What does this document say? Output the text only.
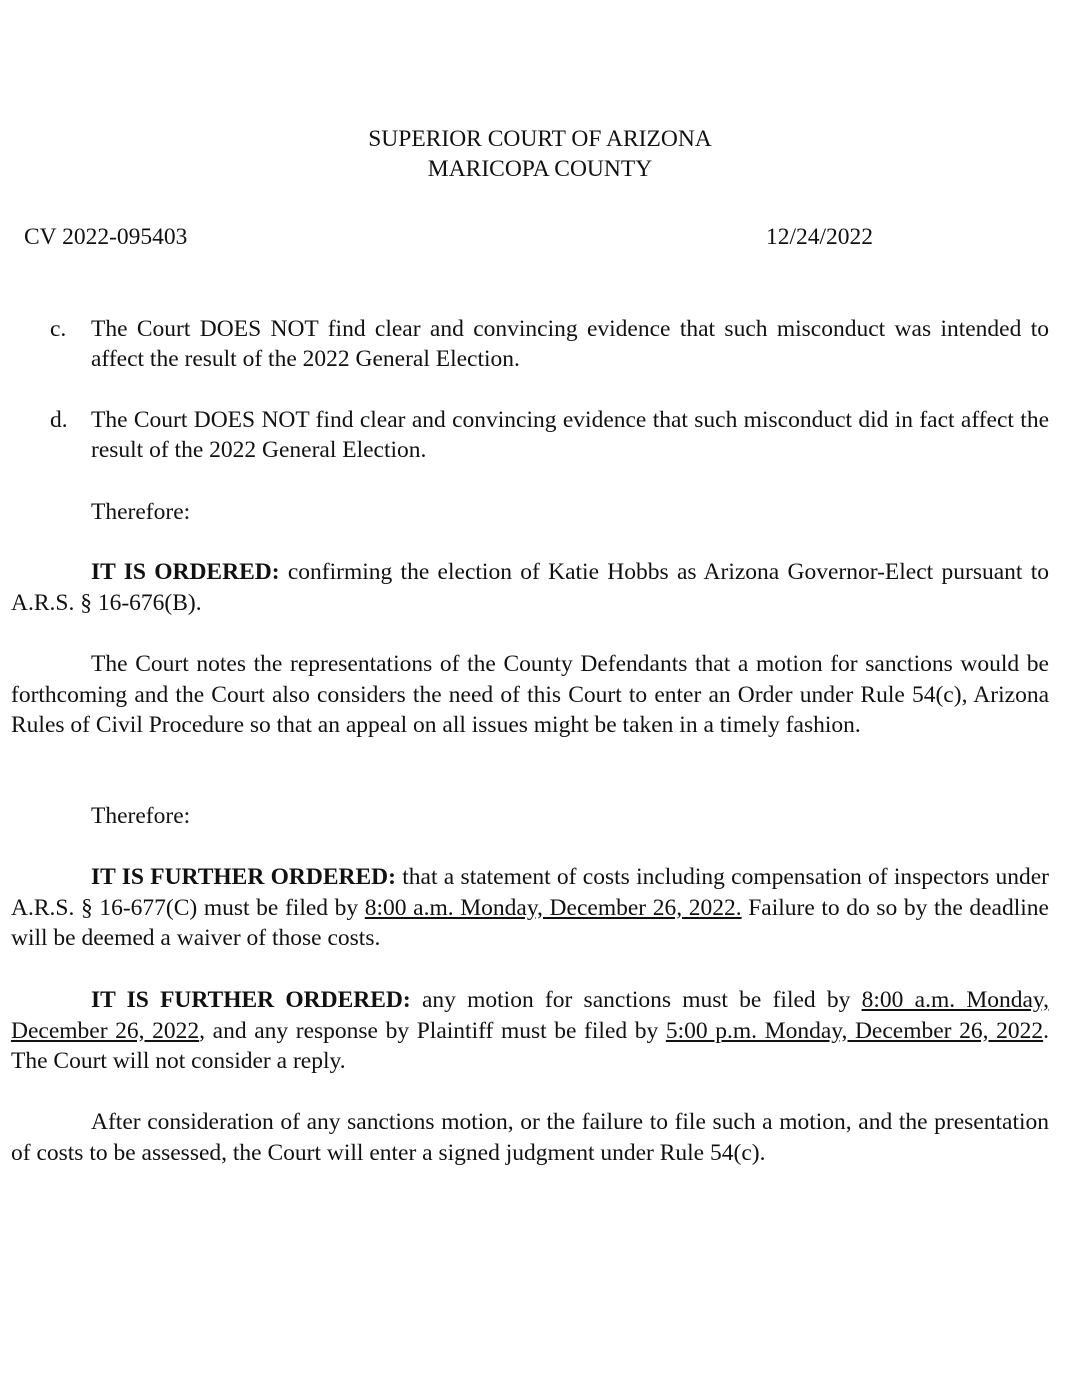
SUPERIOR COURT OF ARIZONA
MARICOPA COUNTY
CV 2022-095403	12/24/2022
c. The Court DOES NOT find clear and convincing evidence that such misconduct was intended to affect the result of the 2022 General Election.
d. The Court DOES NOT find clear and convincing evidence that such misconduct did in fact affect the result of the 2022 General Election.
Therefore:
IT IS ORDERED: confirming the election of Katie Hobbs as Arizona Governor-Elect pursuant to A.R.S. § 16-676(B).
The Court notes the representations of the County Defendants that a motion for sanctions would be forthcoming and the Court also considers the need of this Court to enter an Order under Rule 54(c), Arizona Rules of Civil Procedure so that an appeal on all issues might be taken in a timely fashion.
Therefore:
IT IS FURTHER ORDERED: that a statement of costs including compensation of inspectors under A.R.S. § 16-677(C) must be filed by 8:00 a.m. Monday, December 26, 2022. Failure to do so by the deadline will be deemed a waiver of those costs.
IT IS FURTHER ORDERED: any motion for sanctions must be filed by 8:00 a.m. Monday, December 26, 2022, and any response by Plaintiff must be filed by 5:00 p.m. Monday, December 26, 2022. The Court will not consider a reply.
After consideration of any sanctions motion, or the failure to file such a motion, and the presentation of costs to be assessed, the Court will enter a signed judgment under Rule 54(c).
